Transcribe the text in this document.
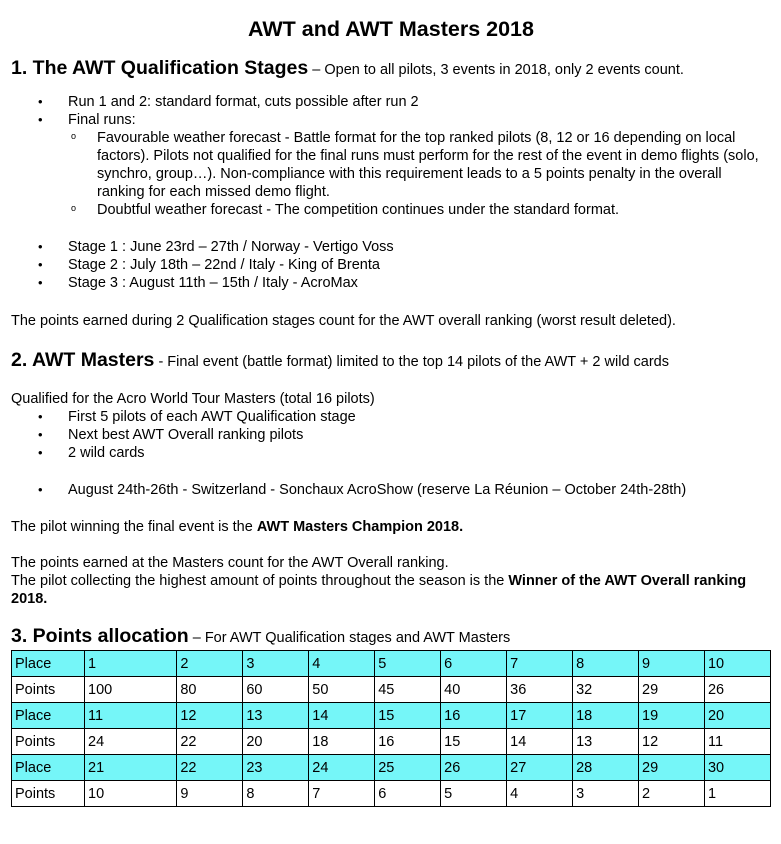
AWT and AWT Masters 2018

1. The AWT Qualification Stages – Open to all pilots, 3 events in 2018, only 2 events count.

• Run 1 and 2: standard format, cuts possible after run 2
• Final runs:
o Favourable weather forecast - Battle format for the top ranked pilots (8, 12 or 16 depending on local factors). Pilots not qualified for the final runs must perform for the rest of the event in demo flights (solo, synchro, group…). Non-compliance with this requirement leads to a 5 points penalty in the overall ranking for each missed demo flight.
o Doubtful weather forecast - The competition continues under the standard format.
• Stage 1 : June 23rd – 27th / Norway - Vertigo Voss
• Stage 2 : July 18th – 22nd / Italy - King of Brenta
• Stage 3 : August 11th – 15th / Italy - AcroMax

The points earned during 2 Qualification stages count for the AWT overall ranking (worst result deleted).

2. AWT Masters - Final event (battle format) limited to the top 14 pilots of the AWT + 2 wild cards

Qualified for the Acro World Tour Masters (total 16 pilots)

• First 5 pilots of each AWT Qualification stage
• Next best AWT Overall ranking pilots
• 2 wild cards
• August 24th-26th - Switzerland - Sonchaux AcroShow (reserve La Réunion – October 24th-28th)

The pilot winning the final event is the AWT Masters Champion 2018.

The points earned at the Masters count for the AWT Overall ranking.

The pilot collecting the highest amount of points throughout the season is the Winner of the AWT Overall ranking 2018.

3. Points allocation – For AWT Qualification stages and AWT Masters

Place	1	2	3	4	5	6	7	8	9	10
Points	100	80	60	50	45	40	36	32	29	26
Place	11	12	13	14	15	16	17	18	19	20
Points	24	22	20	18	16	15	14	13	12	11
Place	21	22	23	24	25	26	27	28	29	30
Points	10	9	8	7	6	5	4	3	2	1
